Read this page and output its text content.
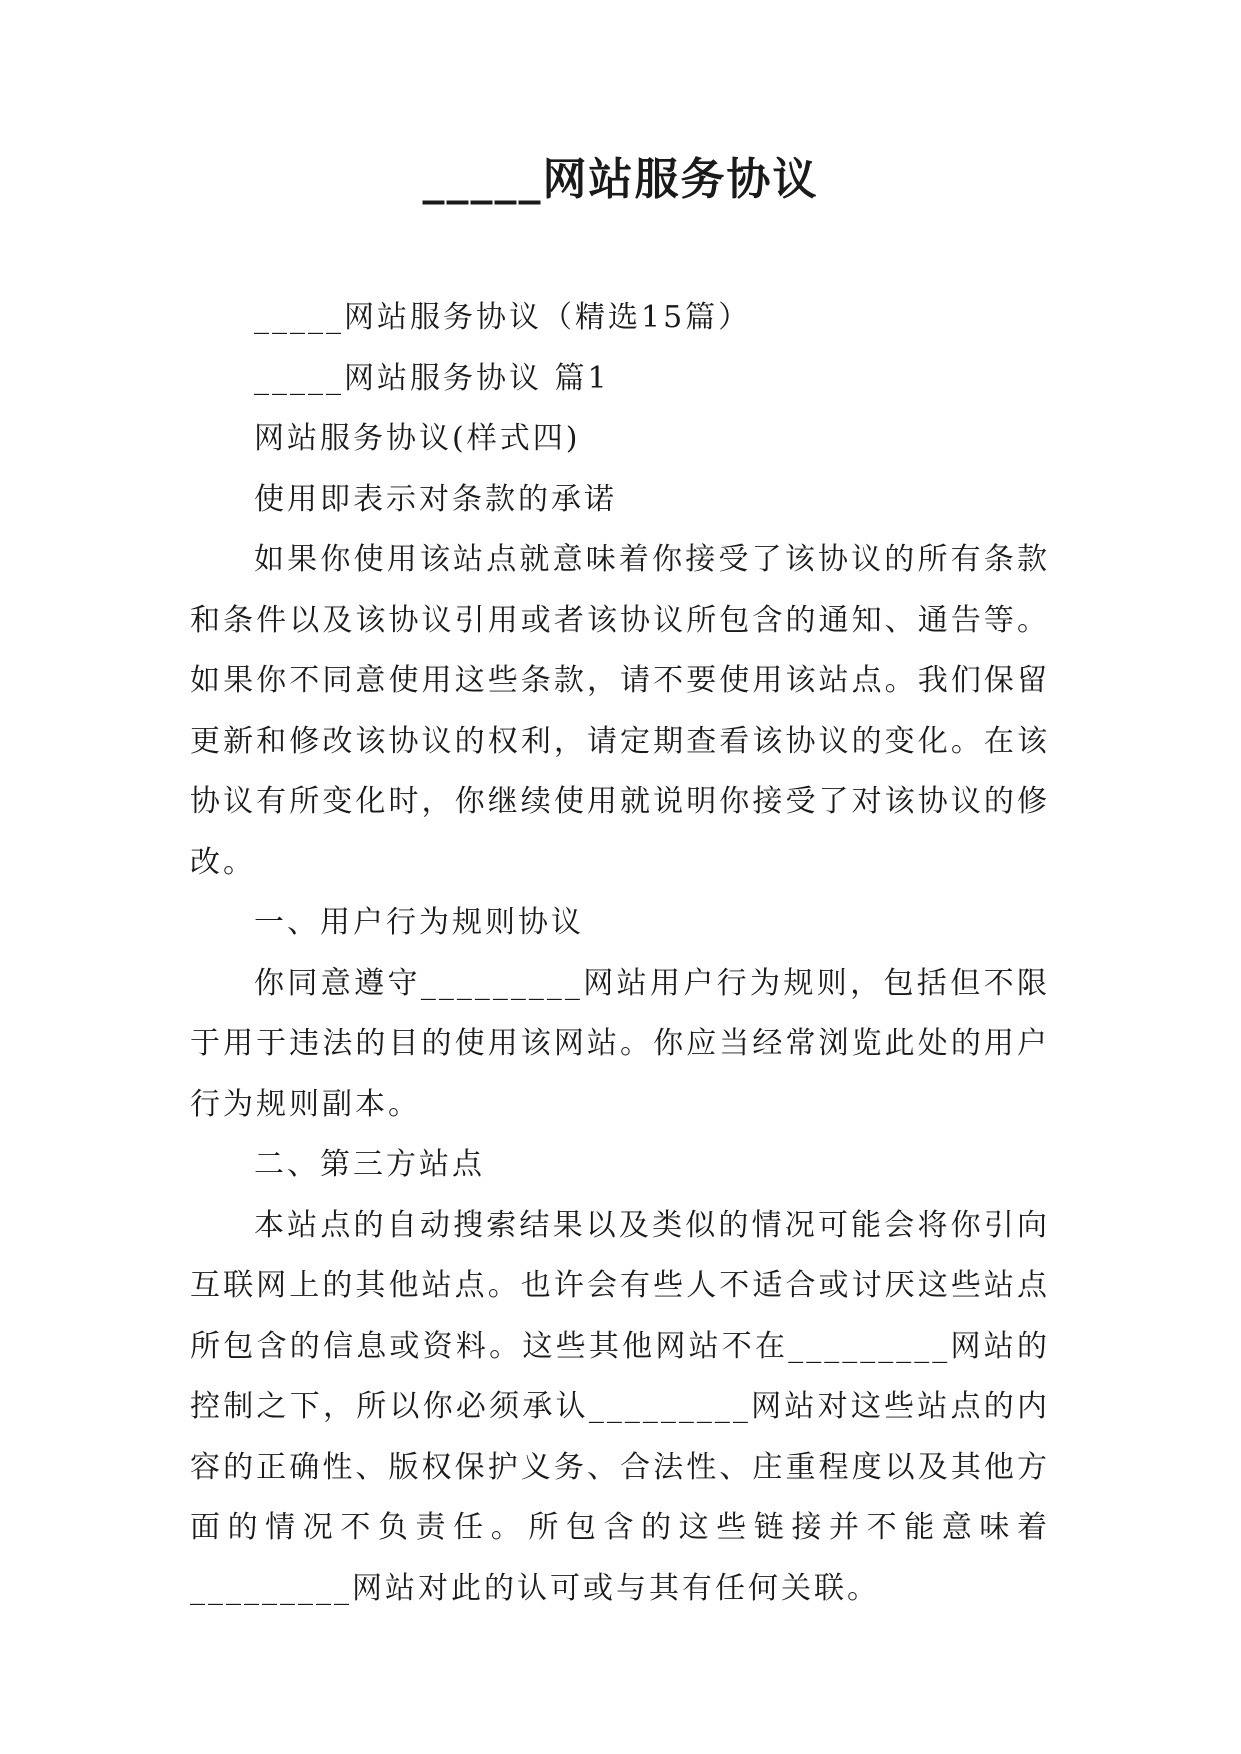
_____网站服务协议

_____网站服务协议（精选15篇）

_____网站服务协议 篇1

网站服务协议(样式四)

使用即表示对条款的承诺

如果你使用该站点就意味着你接受了该协议的所有条款和条件以及该协议引用或者该协议所包含的通知、通告等。如果你不同意使用这些条款，请不要使用该站点。我们保留更新和修改该协议的权利，请定期查看该协议的变化。在该协议有所变化时，你继续使用就说明你接受了对该协议的修改。

一、用户行为规则协议

你同意遵守_________网站用户行为规则，包括但不限于用于违法的目的使用该网站。你应当经常浏览此处的用户行为规则副本。

二、第三方站点

本站点的自动搜索结果以及类似的情况可能会将你引向互联网上的其他站点。也许会有些人不适合或讨厌这些站点所包含的信息或资料。这些其他网站不在_________网站的控制之下，所以你必须承认_________网站对这些站点的内容的正确性、版权保护义务、合法性、庄重程度以及其他方面的情况不负责任。所包含的这些链接并不能意味着_________网站对此的认可或与其有任何关联。
